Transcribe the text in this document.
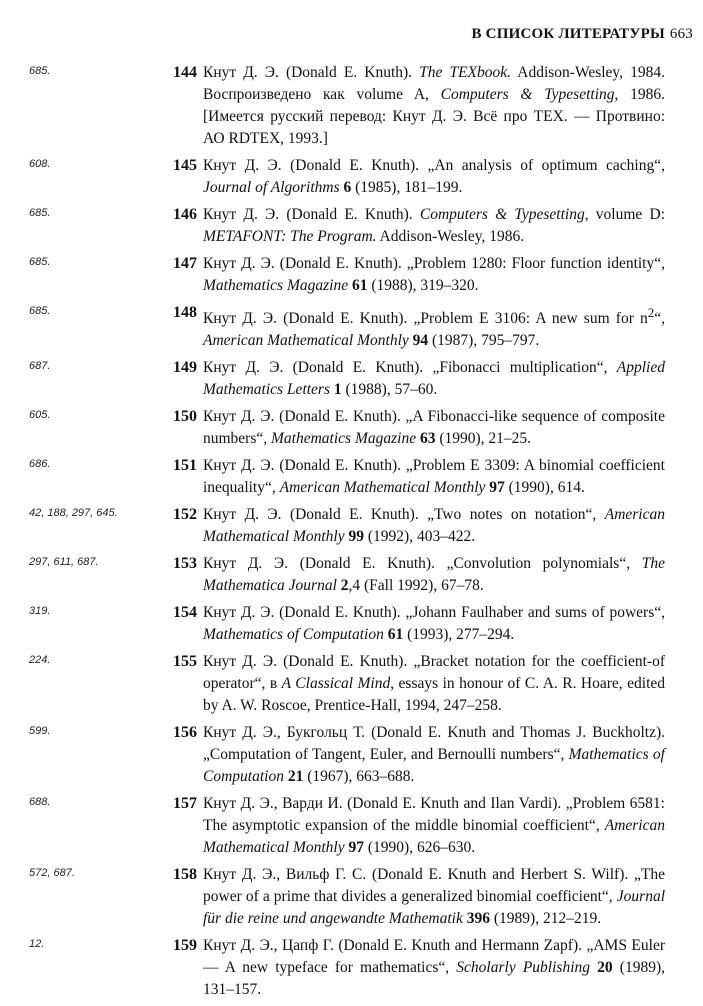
В СПИСОК ЛИТЕРАТУРЫ 663
685.	144 Кнут Д. Э. (Donald E. Knuth). The TEXbook. Addison-Wesley, 1984. Воспроизведено как volume A, Computers & Typesetting, 1986. [Имеется русский перевод: Кнут Д. Э. Всё про TEX. — Протвино: АО RDTEX, 1993.]
608.	145 Кнут Д. Э. (Donald E. Knuth). „An analysis of optimum caching“, Journal of Algorithms 6 (1985), 181–199.
685.	146 Кнут Д. Э. (Donald E. Knuth). Computers & Typesetting, volume D: METAFONT: The Program. Addison-Wesley, 1986.
685.	147 Кнут Д. Э. (Donald E. Knuth). „Problem 1280: Floor function identity“, Mathematics Magazine 61 (1988), 319–320.
685.	148 Кнут Д. Э. (Donald E. Knuth). „Problem E 3106: A new sum for $n^2“$, American Mathematical Monthly 94 (1987), 795–797.
687.	149 Кнут Д. Э. (Donald E. Knuth). „Fibonacci multiplication“, Applied Mathematics Letters 1 (1988), 57–60.
605.	150 Кнут Д. Э. (Donald E. Knuth). „A Fibonacci-like sequence of composite numbers“, Mathematics Magazine 63 (1990), 21–25.
686.	151 Кнут Д. Э. (Donald E. Knuth). „Problem E 3309: A binomial coefficient inequality“, American Mathematical Monthly 97 (1990), 614.
42, 188, 297, 645.	152 Кнут Д. Э. (Donald E. Knuth). „Two notes on notation“, American Mathematical Monthly 99 (1992), 403–422.
297, 611, 687.	153 Кнут Д. Э. (Donald E. Knuth). „Convolution polynomials“, The Mathematica Journal 2,4 (Fall 1992), 67–78.
319.	154 Кнут Д. Э. (Donald E. Knuth). „Johann Faulhaber and sums of powers“, Mathematics of Computation 61 (1993), 277–294.
224.	155 Кнут Д. Э. (Donald E. Knuth). „Bracket notation for the coefficient-of operator“, в A Classical Mind, essays in honour of C. A. R. Hoare, edited by A. W. Roscoe, Prentice-Hall, 1994, 247–258.
599.	156 Кнут Д. Э., Букгольц Т. (Donald E. Knuth and Thomas J. Buckholtz). „Computation of Tangent, Euler, and Bernoulli numbers“, Mathematics of Computation 21 (1967), 663–688.
688.	157 Кнут Д. Э., Варди И. (Donald E. Knuth and Ilan Vardi). „Problem 6581: The asymptotic expansion of the middle binomial coefficient“, American Mathematical Monthly 97 (1990), 626–630.
572, 687.	158 Кнут Д. Э., Вильф Г. С. (Donald E. Knuth and Herbert S. Wilf). „The power of a prime that divides a generalized binomial coefficient“, Journal für die reine und angewandte Mathematik 396 (1989), 212–219.
12.	159 Кнут Д. Э., Цапф Г. (Donald E. Knuth and Hermann Zapf). „AMS Euler — A new typeface for mathematics“, Scholarly Publishing 20 (1989), 131–157.
